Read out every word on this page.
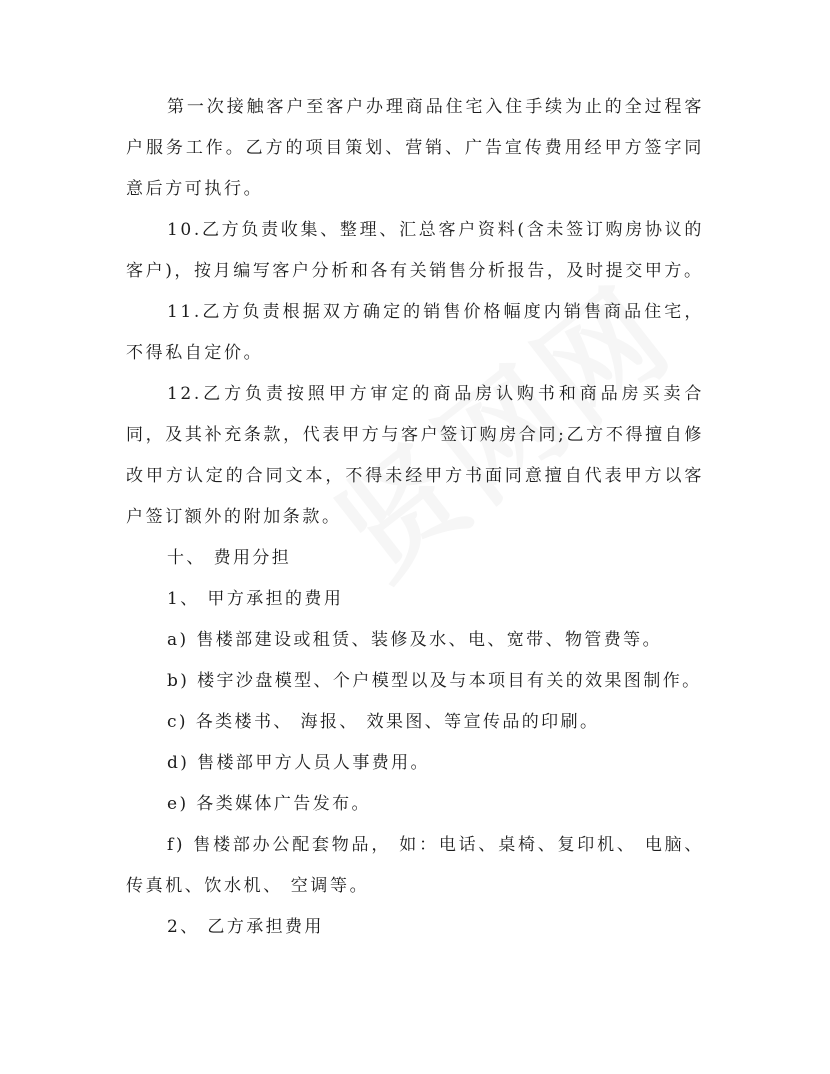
第一次接触客户至客户办理商品住宅入住手续为止的全过程客户服务工作。乙方的项目策划、营销、广告宣传费用经甲方签字同意后方可执行。

10.乙方负责收集、整理、汇总客户资料(含未签订购房协议的客户)，按月编写客户分析和各有关销售分析报告，及时提交甲方。

11.乙方负责根据双方确定的销售价格幅度内销售商品住宅，不得私自定价。

12.乙方负责按照甲方审定的商品房认购书和商品房买卖合同，及其补充条款，代表甲方与客户签订购房合同;乙方不得擅自修改甲方认定的合同文本，不得未经甲方书面同意擅自代表甲方以客户签订额外的附加条款。

十、 费用分担

1、 甲方承担的费用

a) 售楼部建设或租赁、装修及水、电、宽带、物管费等。

b) 楼宇沙盘模型、个户模型以及与本项目有关的效果图制作。

c) 各类楼书、 海报、 效果图、等宣传品的印刷。

d) 售楼部甲方人员人事费用。

e) 各类媒体广告发布。

f) 售楼部办公配套物品， 如：电话、桌椅、复印机、 电脑、传真机、饮水机、 空调等。

2、 乙方承担费用
